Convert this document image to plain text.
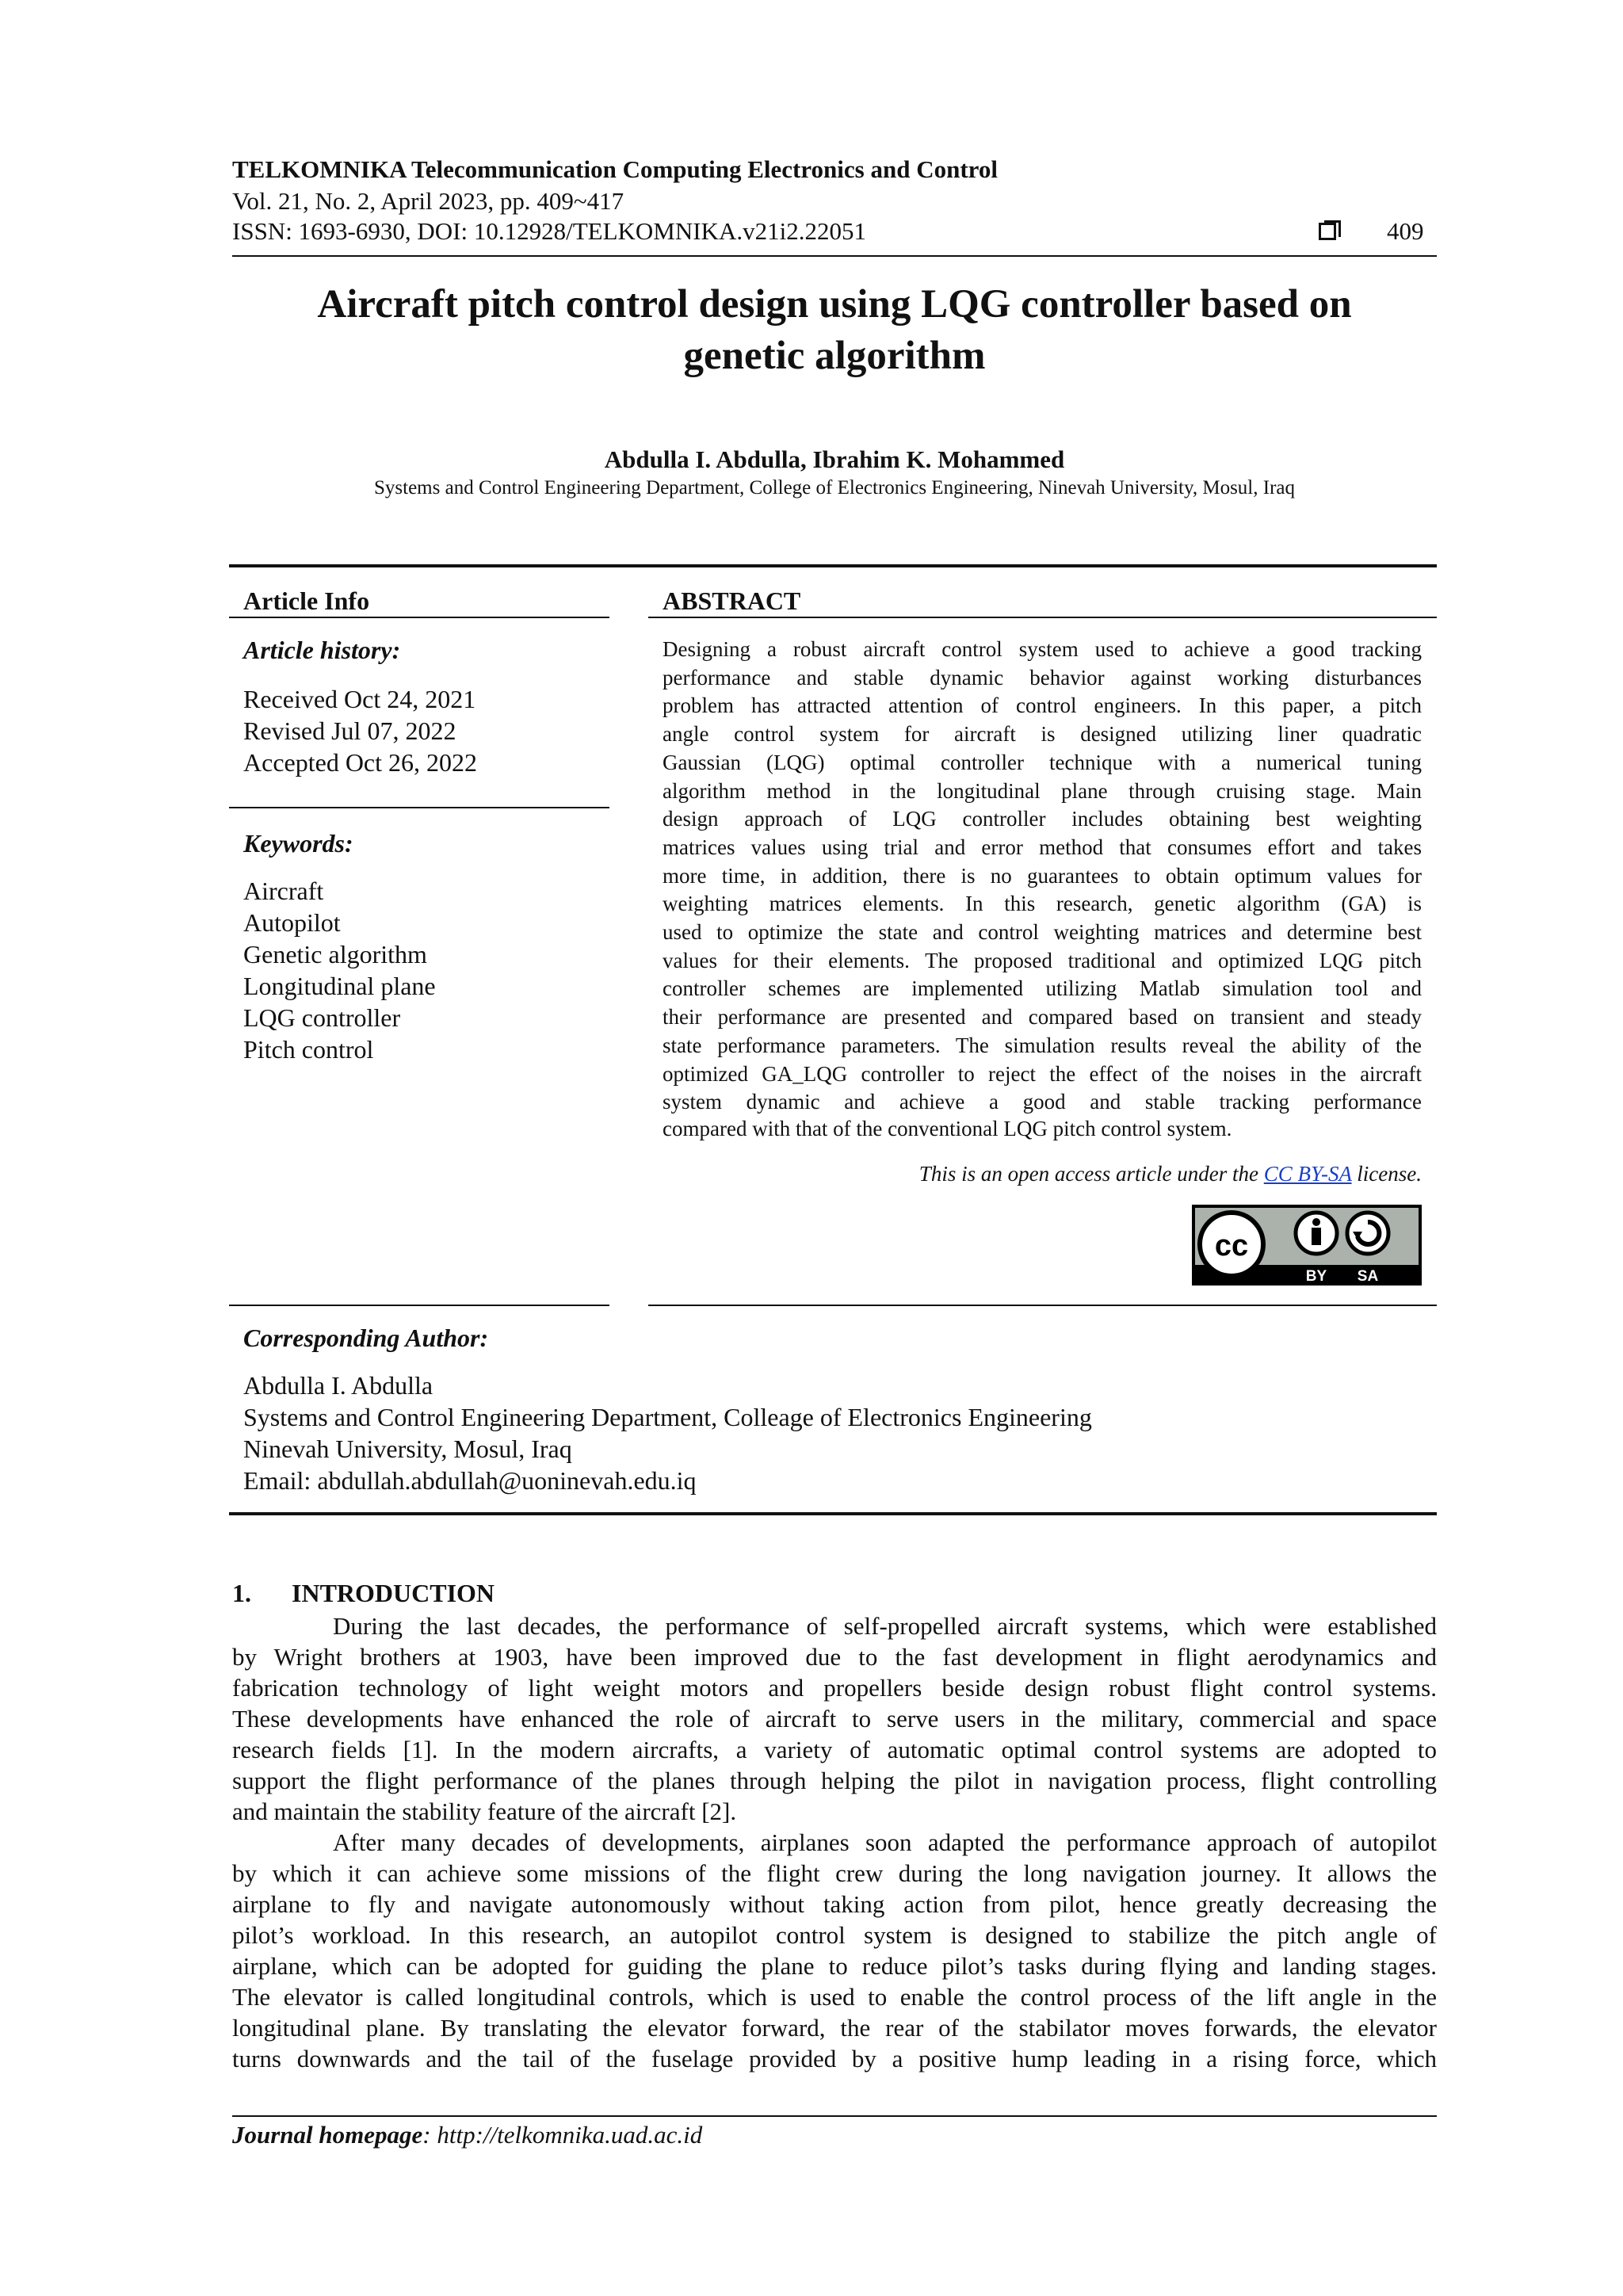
TELKOMNIKA Telecommunication Computing Electronics and Control
Vol. 21, No. 2, April 2023, pp. 409~417
ISSN: 1693-6930, DOI: 10.12928/TELKOMNIKA.v21i2.22051	409
Aircraft pitch control design using LQG controller based on
genetic algorithm
Abdulla I. Abdulla, Ibrahim K. Mohammed
Systems and Control Engineering Department, College of Electronics Engineering, Ninevah University, Mosul, Iraq
Article Info
Article history:
Received Oct 24, 2021
Revised Jul 07, 2022
Accepted Oct 26, 2022
Keywords:
Aircraft
Autopilot
Genetic algorithm
Longitudinal plane
LQG controller
Pitch control
ABSTRACT
Designing a robust aircraft control system used to achieve a good tracking
performance and stable dynamic behavior against working disturbances
problem has attracted attention of control engineers. In this paper, a pitch
angle control system for aircraft is designed utilizing liner quadratic
Gaussian (LQG) optimal controller technique with a numerical tuning
algorithm method in the longitudinal plane through cruising stage. Main
design approach of LQG controller includes obtaining best weighting
matrices values using trial and error method that consumes effort and takes
more time, in addition, there is no guarantees to obtain optimum values for
weighting matrices elements. In this research, genetic algorithm (GA) is
used to optimize the state and control weighting matrices and determine best
values for their elements. The proposed traditional and optimized LQG pitch
controller schemes are implemented utilizing Matlab simulation tool and
their performance are presented and compared based on transient and steady
state performance parameters. The simulation results reveal the ability of the
optimized GA_LQG controller to reject the effect of the noises in the aircraft
system dynamic and achieve a good and stable tracking performance
compared with that of the conventional LQG pitch control system.
This is an open access article under the CC BY-SA license.
cc
BY SA
Corresponding Author:
Abdulla I. Abdulla
Systems and Control Engineering Department, Colleage of Electronics Engineering
Ninevah University, Mosul, Iraq
Email: abdullah.abdullah@uoninevah.edu.iq
1. INTRODUCTION
During the last decades, the performance of self-propelled aircraft systems, which were established
by Wright brothers at 1903, have been improved due to the fast development in flight aerodynamics and
fabrication technology of light weight motors and propellers beside design robust flight control systems.
These developments have enhanced the role of aircraft to serve users in the military, commercial and space
research fields [1]. In the modern aircrafts, a variety of automatic optimal control systems are adopted to
support the flight performance of the planes through helping the pilot in navigation process, flight controlling
and maintain the stability feature of the aircraft [2].
After many decades of developments, airplanes soon adapted the performance approach of autopilot
by which it can achieve some missions of the flight crew during the long navigation journey. It allows the
airplane to fly and navigate autonomously without taking action from pilot, hence greatly decreasing the
pilot’s workload. In this research, an autopilot control system is designed to stabilize the pitch angle of
airplane, which can be adopted for guiding the plane to reduce pilot’s tasks during flying and landing stages.
The elevator is called longitudinal controls, which is used to enable the control process of the lift angle in the
longitudinal plane. By translating the elevator forward, the rear of the stabilator moves forwards, the elevator
turns downwards and the tail of the fuselage provided by a positive hump leading in a rising force, which
Journal homepage: http://telkomnika.uad.ac.id
